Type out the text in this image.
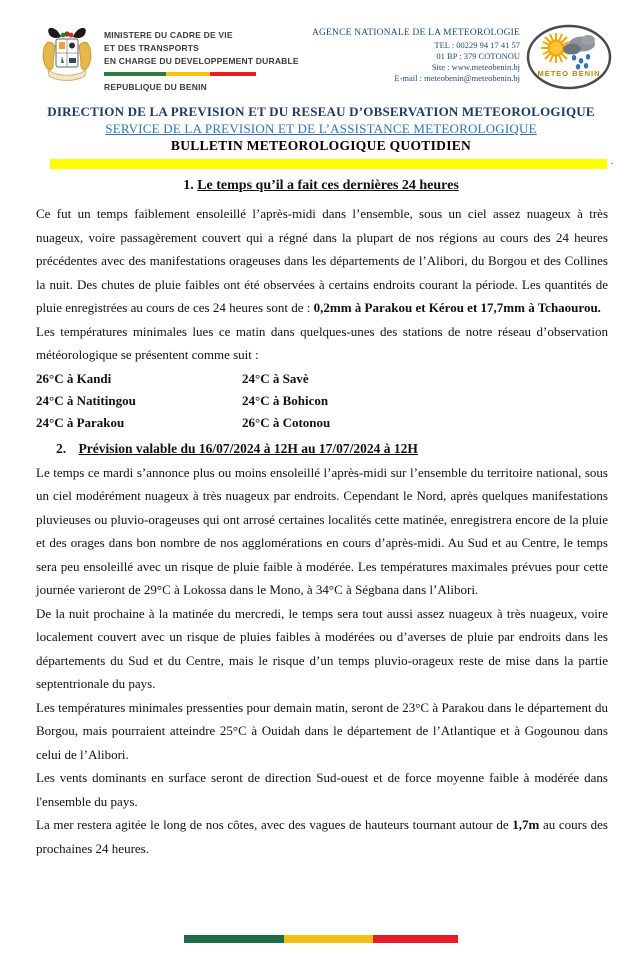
MINISTERE DU CADRE DE VIE
ET DES TRANSPORTS
EN CHARGE DU DEVELOPPEMENT DURABLE
REPUBLIQUE DU BENIN
AGENCE NATIONALE DE LA METEOROLOGIE
TEL : 00229 94 17 41 57
01 BP : 379 COTONOU
Site : www.meteobenin.bj
E-mail : meteobenin@meteobenin.bj METEO BENIN
DIRECTION DE LA PREVISION ET DU RESEAU D’OBSERVATION METEOROLOGIQUE
SERVICE DE LA PREVISION ET DE L’ASSISTANCE METEOROLOGIQUE
BULLETIN METEOROLOGIQUE QUOTIDIEN
.
1. Le temps qu’il a fait ces dernières 24 heures

Ce fut un temps faiblement ensoleillé l’après-midi dans l’ensemble, sous un ciel assez nuageux à très nuageux, voire passagèrement couvert qui a régné dans la plupart de nos régions au cours des 24 heures précédentes avec des manifestations orageuses dans les départements de l’Alibori, du Borgou et des Collines la nuit. Des chutes de pluie faibles ont été observées à certains endroits courant la période. Les quantités de pluie enregistrées au cours de ces 24 heures sont de : 0,2mm à Parakou et Kérou et 17,7mm à Tchaourou.

Les températures minimales lues ce matin dans quelques-unes des stations de notre réseau d’observation météorologique se présentent comme suit :

26°C à Kandi	24°C à Savè
24°C à Natitingou	24°C à Bohicon
24°C à Parakou	26°C à Cotonou
2. Prévision valable du 16/07/2024 à 12H au 17/07/2024 à 12H

Le temps ce mardi s’annonce plus ou moins ensoleillé l’après-midi sur l’ensemble du territoire national, sous un ciel modérément nuageux à très nuageux par endroits. Cependant le Nord, après quelques manifestations pluvieuses ou pluvio-orageuses qui ont arrosé certaines localités cette matinée, enregistrera encore de la pluie et des orages dans bon nombre de nos agglomérations en cours d’après-midi. Au Sud et au Centre, le temps sera peu ensoleillé avec un risque de pluie faible à modérée. Les températures maximales prévues pour cette journée varieront de 29°C à Lokossa dans le Mono, à 34°C à Ségbana dans l’Alibori.

De la nuit prochaine à la matinée du mercredi, le temps sera tout aussi assez nuageux à très nuageux, voire localement couvert avec un risque de pluies faibles à modérées ou d’averses de pluie par endroits dans les départements du Sud et du Centre, mais le risque d’un temps pluvio-orageux reste de mise dans la partie septentrionale du pays.

Les températures minimales pressenties pour demain matin, seront de 23°C à Parakou dans le département du Borgou, mais pourraient atteindre 25°C à Ouidah dans le département de l’Atlantique et à Gogounou dans celui de l’Alibori.

Les vents dominants en surface seront de direction Sud-ouest et de force moyenne faible à modérée dans l'ensemble du pays.

La mer restera agitée le long de nos côtes, avec des vagues de hauteurs tournant autour de 1,7m au cours des prochaines 24 heures.
